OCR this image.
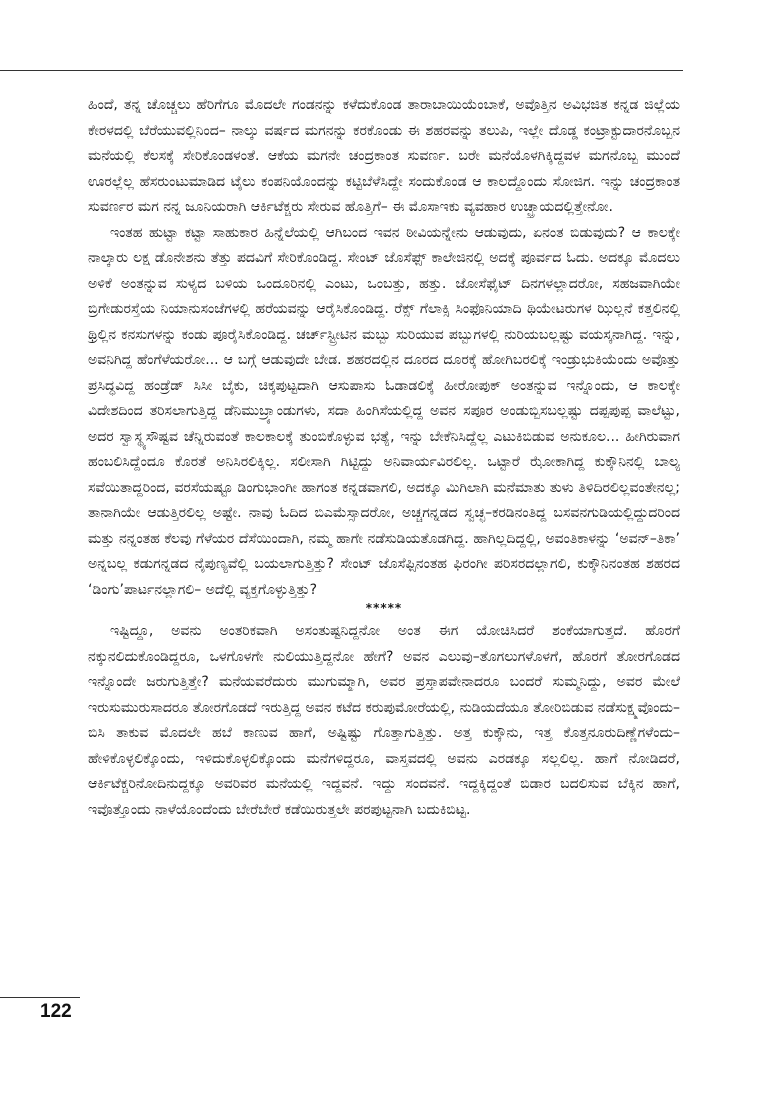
ಹಿಂದೆ, ತನ್ನ ಚೊಚ್ಚಲು ಹೆರಿಗೆಗೂ ಮೊದಲೇ ಗಂಡನನ್ನು ಕಳೆದುಕೊಂಡ ತಾರಾಬಾಯಿಯೆಂಬಾಕೆ, ಅವೊತ್ತಿನ ಅವಿಭಜಿತ ಕನ್ನಡ ಜಿಲ್ಲೆಯ ಕೇರಳದಲ್ಲಿ ಬೆರೆಯುವಲ್ಲಿನಿಂದ– ನಾಲ್ಕು ವರ್ಷದ ಮಗನನ್ನು ಕರಕೊಂಡು ಈ ಶಹರವನ್ನು ತಲುಪಿ, ಇಲ್ಲೇ ದೊಡ್ಡ ಕಂಟ್ರಾಕ್ಟುದಾರನೊಬ್ಬನ ಮನೆಯಲ್ಲಿ ಕೆಲಸಕ್ಕೆ ಸೇರಿಕೊಂಡಳಂತೆ. ಆಕೆಯ ಮಗನೇ ಚಂದ್ರಕಾಂತ ಸುವರ್ಣ. ಬರೇ ಮನೆಯೊಳಗಿಕ್ಕಿದ್ದವಳ ಮಗನೊಬ್ಬ ಮುಂದೆ ಊರಲ್ಲೆಲ್ಲ ಹೆಸರುಂಟುಮಾಡಿದ ಟೈಲು ಕಂಪನಿಯೊಂದನ್ನು ಕಟ್ಟಿಬೆಳೆಸಿದ್ದೇ ಸಂದುಕೊಂಡ ಆ ಕಾಲದ್ದೊಂದು ಸೋಜಿಗ. ಇನ್ನು ಚಂದ್ರಕಾಂತ ಸುವರ್ಣರ ಮಗ ನನ್ನ ಜೂನಿಯರಾಗಿ ಆರ್ಕಿಟೆಕ್ಚರು ಸೇರುವ ಹೊತ್ತಿಗೆ– ಈ ಮೊಸಾಇಕು ವ್ಯವಹಾರ ಉಚ್ಛ್ರಾಯದಲ್ಲಿತ್ತೇನೋ.

ಇಂತಹ ಹುಟ್ಟಾ ಕಟ್ಟಾ ಸಾಹುಕಾರ ಹಿನ್ನೆಲೆಯಲ್ಲಿ ಆಗಿಬಂದ ಇವನ ಠೀವಿಯನ್ನೇನು ಆಡುವುದು, ಏನಂತ ಬಿಡುವುದು? ಆ ಕಾಲಕ್ಕೇ ನಾಲ್ಕಾರು ಲಕ್ಷ ಡೊನೇಶನು ತೆತ್ತು ಪದವಿಗೆ ಸೇರಿಕೊಂಡಿದ್ದ. ಸೇಂಟ್ ಜೊಸೆಫ್ಸ್ ಕಾಲೇಜಿನಲ್ಲಿ ಅದಕ್ಕೆ ಪೂರ್ವದ ಓದು. ಅದಕ್ಕೂ ಮೊದಲು ಅಳಿಕೆ ಅಂತನ್ನುವ ಸುಳ್ಯದ ಬಳಿಯ ಒಂದೂರಿನಲ್ಲಿ ಎಂಟು, ಒಂಬತ್ತು, ಹತ್ತು. ಜೋಸೆಫೈಟ್ ದಿನಗಳಲ್ಲಾದರೋ, ಸಹಜವಾಗಿಯೇ ಬ್ರಿಗೇಡುರಸ್ತೆಯ ನಿಯಾನುಸಂಜೆಗಳಲ್ಲಿ ಹರೆಯವನ್ನು ಆರೈಸಿಕೊಂಡಿದ್ದ. ರೆಕ್ಸ್ ಗೆಲಾಕ್ಸಿ ಸಿಂಫೊನಿಯಾದಿ ಥಿಯೇಟರುಗಳ ಝಿಲ್ಲನೆ ಕತ್ತಲಿನಲ್ಲಿ ಥ್ರಿಲ್ಲಿನ ಕನಸುಗಳನ್ನು ಕಂಡು ಪೂರೈಸಿಕೊಂಡಿದ್ದ. ಚರ್ಚ್‌ಸ್ಟ್ರೀಟಿನ ಮಬ್ಬು ಸುರಿಯುವ ಪಬ್ಬುಗಳಲ್ಲಿ ನುರಿಯಬಲ್ಲಷ್ಟು ವಯಸ್ಕನಾಗಿದ್ದ. ಇನ್ನು, ಅವನಿಗಿದ್ದ ಹೆಂಗೆಳೆಯರೋ... ಆ ಬಗ್ಗೆ ಆಡುವುದೇ ಬೇಡ. ಶಹರದಲ್ಲಿನ ದೂರದ ದೂರಕ್ಕೆ ಹೋಗಿಬರಲಿಕ್ಕೆ ಇಂಡ್ರುಭುಕಿಯೆಂದು ಅವೊತ್ತು ಪ್ರಸಿದ್ಧವಿದ್ದ ಹಂಡ್ರೆಡ್ ಸಿಸೀ ಬೈಕು, ಚಿಕ್ಕಪುಟ್ಟದಾಗಿ ಆಸುಪಾಸು ಓಡಾಡಲಿಕ್ಕೆ ಹೀರೋಪುಕ್ ಅಂತನ್ನುವ ಇನ್ನೊಂದು, ಆ ಕಾಲಕ್ಕೇ ವಿದೇಶದಿಂದ ತರಿಸಲಾಗುತ್ತಿದ್ದ ಡೆನಿಮುಬ್ರ್ಯಾಂಡುಗಳು, ಸದಾ ಹಿಂಗಿಸೆಯಲ್ಲಿದ್ದ ಅವನ ಸಪೂರ ಅಂಡುಬ್ಬಿಸಬಲ್ಲಷ್ಟು ದಪ್ಪಪುಪ್ಪ ವಾಲೆಟ್ಟು, ಅದರ ಸ್ವಾಸ್ಥ್ಯಸೌಷ್ಟವ ಚೆನ್ನಿರುವಂತೆ ಕಾಲಕಾಲಕ್ಕೆ ತುಂಬಿಕೊಳ್ಳುವ ಭತ್ಯೆ, ಇನ್ನು ಬೇಕೆನಿಸಿದ್ದೆಲ್ಲ ಎಟುಕಿಬಿಡುವ ಅನುಕೂಲ... ಹೀಗಿರುವಾಗ ಹಂಬಲಿಸಿದ್ದೆಂದೂ ಕೊರತೆ ಅನಿಸಿರಲಿಕ್ಕಿಲ್ಲ. ಸಲೀಸಾಗಿ ಗಿಟ್ಟಿದ್ದು ಅನಿವಾರ್ಯವಿರಲಿಲ್ಲ. ಒಟ್ಟಾರೆ ಝೋಕಾಗಿದ್ದ ಕುಕ್ಕೌನಿನಲ್ಲಿ ಬಾಲ್ಯ ಸವೆಯಿತಾದ್ದರಿಂದ, ವರಸೆಯಷ್ಟೂ ಡಿಂಗುಭಾಂಗೀ ಹಾಗಂತ ಕನ್ನಡವಾಗಲಿ, ಅದಕ್ಕೂ ಮಿಗಿಲಾಗಿ ಮನೆಮಾತು ತುಳು ತಿಳಿದಿರಲಿಲ್ಲವಂತೇನಲ್ಲ; ತಾನಾಗಿಯೇ ಆಡುತ್ತಿರಲಿಲ್ಲ ಅಷ್ಟೇ. ನಾವು ಓದಿದ ಬಿಎಮೆಸ್ಸಾದರೋ, ಅಚ್ಚಗನ್ನಡದ ಸ್ವಚ್ಛ–ಕರಡಿನಂತಿದ್ದ ಬಸವನಗುಡಿಯಲ್ಲಿದ್ದುದರಿಂದ ಮತ್ತು ನನ್ನಂತಹ ಕೆಲವು ಗೆಳೆಯರ ದೆಸೆಯಿಂದಾಗಿ, ನಮ್ಮ ಹಾಗೇ ನಡೆಸುಡಿಯತೊಡಗಿದ್ದ. ಹಾಗಿಲ್ಲದಿದ್ದಲ್ಲಿ, ಅವಂತಿಕಾಳನ್ನು ‘ಅವನ್–ತಿಕಾ’ ಅನ್ನಬಲ್ಲ ಕಡುಗನ್ನಡದ ನೈಪುಣ್ಯವೆಲ್ಲಿ ಬಯಲಾಗುತ್ತಿತ್ತು? ಸೇಂಟ್ ಜೊಸೆಫ್ಸಿನಂತಹ ಫಿರಂಗೀ ಪರಿಸರದಲ್ಲಾಗಲಿ, ಕುಕ್ಕೌನಿನಂತಹ ಶಹರದ ‘ಡಿಂಗು’ಪಾರ್ಟನಲ್ಲಾಗಲಿ– ಅದೆಲ್ಲಿ ವ್ಯಕ್ತಗೊಳ್ಳುತ್ತಿತ್ತು?

*****

ಇಷ್ಟಿದ್ದೂ, ಅವನು ಅಂತರಿಕವಾಗಿ ಅಸಂತುಷ್ಟನಿದ್ದನೋ ಅಂತ ಈಗ ಯೋಚಿಸಿದರೆ ಶಂಕೆಯಾಗುತ್ತದೆ. ಹೊರಗೆ ನಕ್ಕುನಲಿದುಕೊಂಡಿದ್ದರೂ, ಒಳಗೊಳಗೇ ನುಲಿಯುತ್ತಿದ್ದನೋ ಹೇಗೆ? ಅವನ ಎಲುವು–ತೊಗಲುಗಳೊಳಗೆ, ಹೊರಗೆ ತೋರಗೊಡದ ಇನ್ನೊಂದೇ ಜರುಗುತ್ತಿತ್ತೇ? ಮನೆಯವರೆದುರು ಮುಗುಮ್ಮಾಗಿ, ಅವರ ಪ್ರಸ್ತಾಪವೇನಾದರೂ ಬಂದರೆ ಸುಮ್ಮನಿದ್ದು, ಅವರ ಮೇಲೆ ಇರುಸುಮುರುಸಾದರೂ ತೋರಗೊಡದೆ ಇರುತ್ತಿದ್ದ ಅವನ ಕಟೆದ ಕರುಪುಮೋರೆಯಲ್ಲಿ, ನುಡಿಯದೆಯೂ ತೋರಿಬಿಡುವ ನಡೆಸುಕ್ಷ್ಮವೊಂದು– ಬಿಸಿ ತಾಕುವ ಮೊದಲೇ ಹಬೆ ಕಾಣುವ ಹಾಗೆ, ಅಷ್ಟಿಷ್ಟು ಗೊತ್ತಾಗುತ್ತಿತ್ತು. ಅತ್ತ ಕುಕ್ಕೌನು, ಇತ್ತ ಕೊತ್ತನೂರುದಿಣ್ಣೆಗಳೆಂದು– ಹೇಳಿಕೊಳ್ಳಲಿಕ್ಕೊಂದು, ಇಳಿದುಕೊಳ್ಳಲಿಕ್ಕೊಂದು ಮನೆಗಳಿದ್ದರೂ, ವಾಸ್ತವದಲ್ಲಿ ಅವನು ಎರಡಕ್ಕೂ ಸಲ್ಲಲಿಲ್ಲ. ಹಾಗೆ ನೋಡಿದರೆ, ಆರ್ಕಿಟೆಕ್ಚರಿನೋದಿನುದ್ದಕ್ಕೂ ಅವರಿವರ ಮನೆಯಲ್ಲಿ ಇದ್ದವನೆ. ಇದ್ದು ಸಂದವನೆ. ಇದ್ದಕ್ಕಿದ್ದಂತೆ ಬಿಡಾರ ಬದಲಿಸುವ ಬೆಕ್ಕಿನ ಹಾಗೆ, ಇವೊತ್ತೊಂದು ನಾಳೆಯೊಂದೆಂದು ಬೇರೆಬೇರೆ ಕಡೆಯಿರುತ್ತಲೇ ಪರಪುಟ್ಟನಾಗಿ ಬದುಕಿಬಿಟ್ಟ.

122
